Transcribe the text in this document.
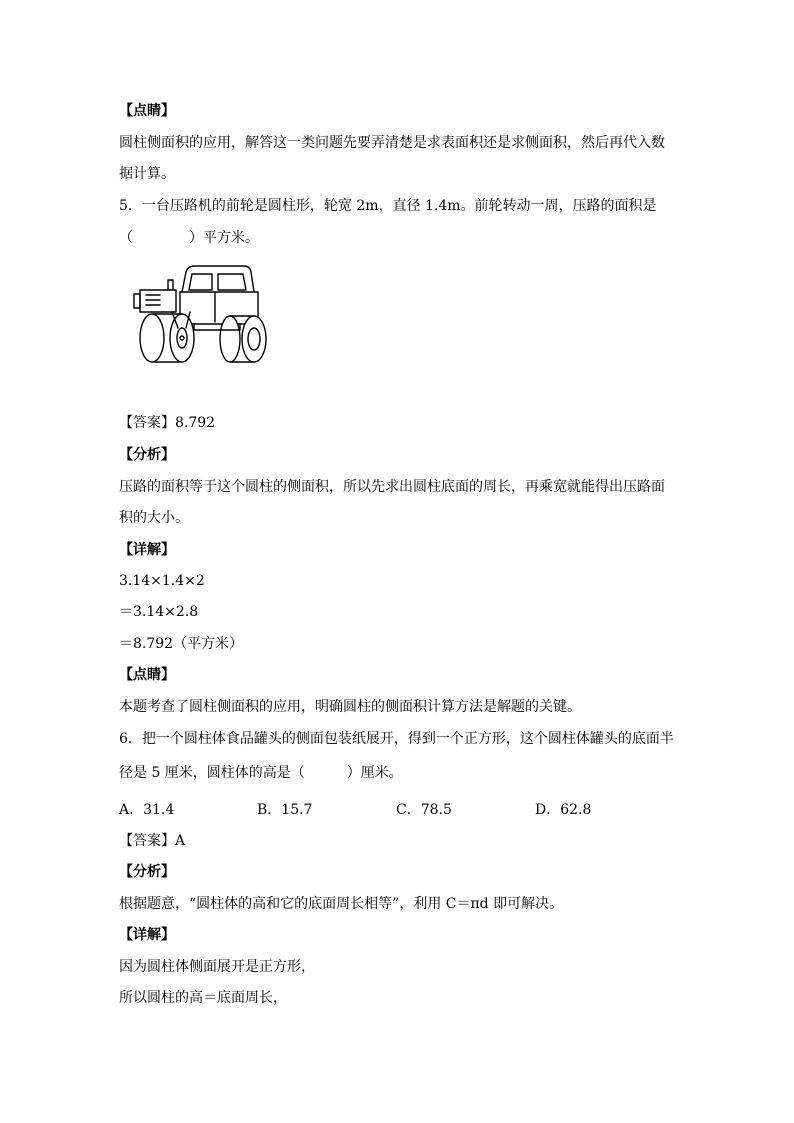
【点睛】
圆柱侧面积的应用，解答这一类问题先要弄清楚是求表面积还是求侧面积，然后再代入数
据计算。
5．一台压路机的前轮是圆柱形，轮宽 2m，直径 1.4m。前轮转动一周，压路的面积是
（　　　　）平方米。
【答案】8.792
【分析】
压路的面积等于这个圆柱的侧面积，所以先求出圆柱底面的周长，再乘宽就能得出压路面
积的大小。
【详解】
3.14×1.4×2
＝3.14×2.8
＝8.792（平方米）
【点睛】
本题考查了圆柱侧面积的应用，明确圆柱的侧面积计算方法是解题的关键。
6．把一个圆柱体食品罐头的侧面包装纸展开，得到一个正方形，这个圆柱体罐头的底面半
径是 5 厘米，圆柱体的高是（　　　）厘米。
A．31.4	B．15.7	C．78.5	D．62.8
【答案】A
【分析】
根据题意，“圆柱体的高和它的底面周长相等”，利用 C＝πd 即可解决。
【详解】
因为圆柱体侧面展开是正方形，
所以圆柱的高＝底面周长，
